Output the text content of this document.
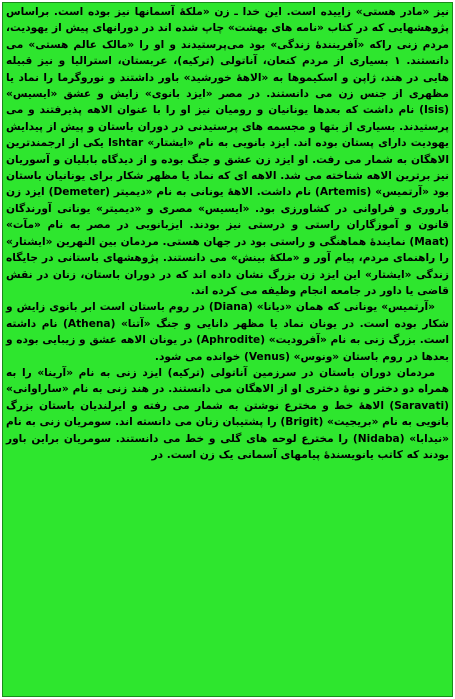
نیز «مادر هستی» زاییده است. این خدا ـ زن «ملکهٔ آسمانها نیز بوده است. براساس پژوهشهایی که در کتاب «نامه های بهشت» چاپ شده اند در دورانهای پیش از یهودیت، مردم زنی راکه «آفرینندهٔ زندگی» بود می‌پرستیدند و او را «مالک عالم هستی» می دانستند. ۱ بسیاری از مردم کنعان، آناتولی (ترکیه)، عربستان، استرالیا و نیز قبیله هایی در هند، ژاپن و اسکیموها به «الاههٔ خورشید» باور داشتند و نوروگرما را نماد یا مظهری از جنس زن می دانستند. در مصر «ایزد بانوی» زایش و عشق «ایسیس» (Isis) نام داشت که بعدها یونانیان و رومیان نیز او را با عنوان الاهه پذیرفتند و می پرستیدند. بسیاری از بتها و مجسمه های پرستیدنی در دوران باستان و پیش از پیدایش یهودیت دارای پستان بوده اند. ایزد بانویی به نام «ایشتار» Ishtar یکی از ارجمندترین الاهگان به شمار می رفت. او ایزد زن عشق و جنگ بوده و از دیدگاه بابلیان و آسوریان نیز برترین الاهه شناخته می شد. الاهه ای که نماد یا مظهر شکار برای یونانیان باستان بود «آرتمیس» (Artemis) نام داشت. الاههٔ یونانی به نام «دیمیتر (Demeter) ایزد زن باروری و فراوانی در کشاورزی بود. «ایسیس» مصری و «دیمیتر» یونانی آورندگان قانون و آموزگاران راستی و درستی نیز بودند. ایزبانویی در مصر به نام «مآت» (Maat) نمایندهٔ هماهنگی و راستی بود در جهان هستی. مردمان بین النهرین «ایشتار» را راهنمای مردم، پیام آور و «ملکهٔ بینش» می دانستند. پژوهشهای باستانی در جایگاه زندگی «ایشتار» این ایزد زن بزرگ نشان داده اند که در دوران باستان، زنان در نقش قاضی یا داور در جامعه انجام وظیفه می کرده اند.

«آرتمیس» یونانی که همان «دیانا» (Diana) در روم باستان است ابر بانوی زایش و شکار بوده است. در یونان نماد یا مظهر دانایی و جنگ «آتنا» (Athena) نام داشته است. بزرگ زنی به نام «آفرودیت» (Aphrodite) در یونان الاهه عشق و زیبایی بوده و بعدها در روم باستان «ونوس» (Venus) خوانده می شود.

مردمان دوران باستان در سرزمین آناتولی (ترکیه) ایزد زنی به نام «آرینا» را به همراه دو دختر و نوهٔ دختری او از الاهگان می دانستند. در هند زنی به نام «ساراوانی» (Saravati) الاههٔ خط و مخترع نوشتن به شمار می رفته و ایرلندیان باستان بزرگ بانویی به نام «بریجیت» (Brigit) را پشتیبان زنان می دانسته اند. سومریان زنی به نام «نیدابا» (Nidaba) را مخترع لوحه های گلی و خط می دانستند. سومریان براین باور بودند که کاتب یانویسندهٔ پیامهای آسمانی یک زن است. در
